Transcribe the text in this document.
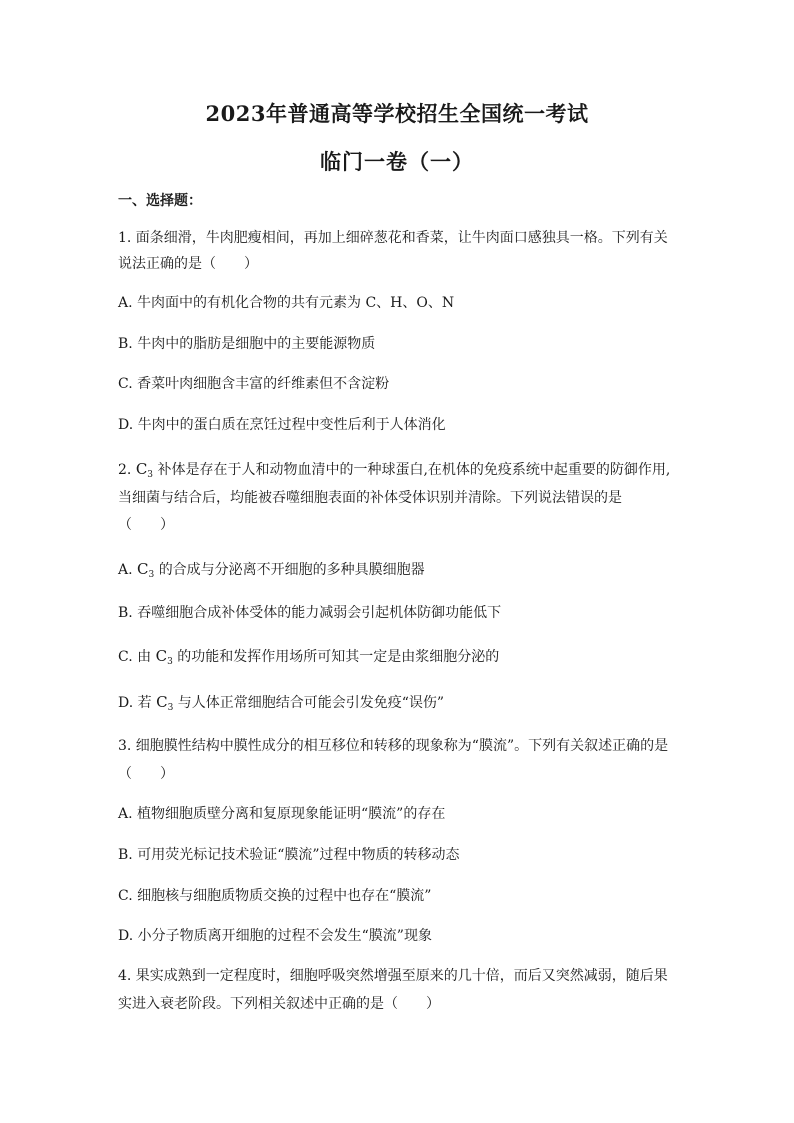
2023年普通高等学校招生全国统一考试
临门一卷（一）
一、选择题：
1. 面条细滑，牛肉肥瘦相间，再加上细碎葱花和香菜，让牛肉面口感独具一格。下列有关
说法正确的是（　　）
A. 牛肉面中的有机化合物的共有元素为 C、H、O、N
B. 牛肉中的脂肪是细胞中的主要能源物质
C. 香菜叶肉细胞含丰富的纤维素但不含淀粉
D. 牛肉中的蛋白质在烹饪过程中变性后利于人体消化
2. $C_3$ 补体是存在于人和动物血清中的一种球蛋白,在机体的免疫系统中起重要的防御作用,
当细菌与结合后，均能被吞噬细胞表面的补体受体识别并清除。下列说法错误的是
（　　）
A. $C_3$ 的合成与分泌离不开细胞的多种具膜细胞器
B. 吞噬细胞合成补体受体的能力减弱会引起机体防御功能低下
C. 由 $C_3$ 的功能和发挥作用场所可知其一定是由浆细胞分泌的
D. 若 $C_3$ 与人体正常细胞结合可能会引发免疫“误伤”
3. 细胞膜性结构中膜性成分的相互移位和转移的现象称为“膜流”。下列有关叙述正确的是
（　　）
A. 植物细胞质壁分离和复原现象能证明“膜流”的存在
B. 可用荧光标记技术验证“膜流”过程中物质的转移动态
C. 细胞核与细胞质物质交换的过程中也存在“膜流”
D. 小分子物质离开细胞的过程不会发生“膜流”现象
4. 果实成熟到一定程度时，细胞呼吸突然增强至原来的几十倍，而后又突然减弱，随后果
实进入衰老阶段。下列相关叙述中正确的是（　　）
